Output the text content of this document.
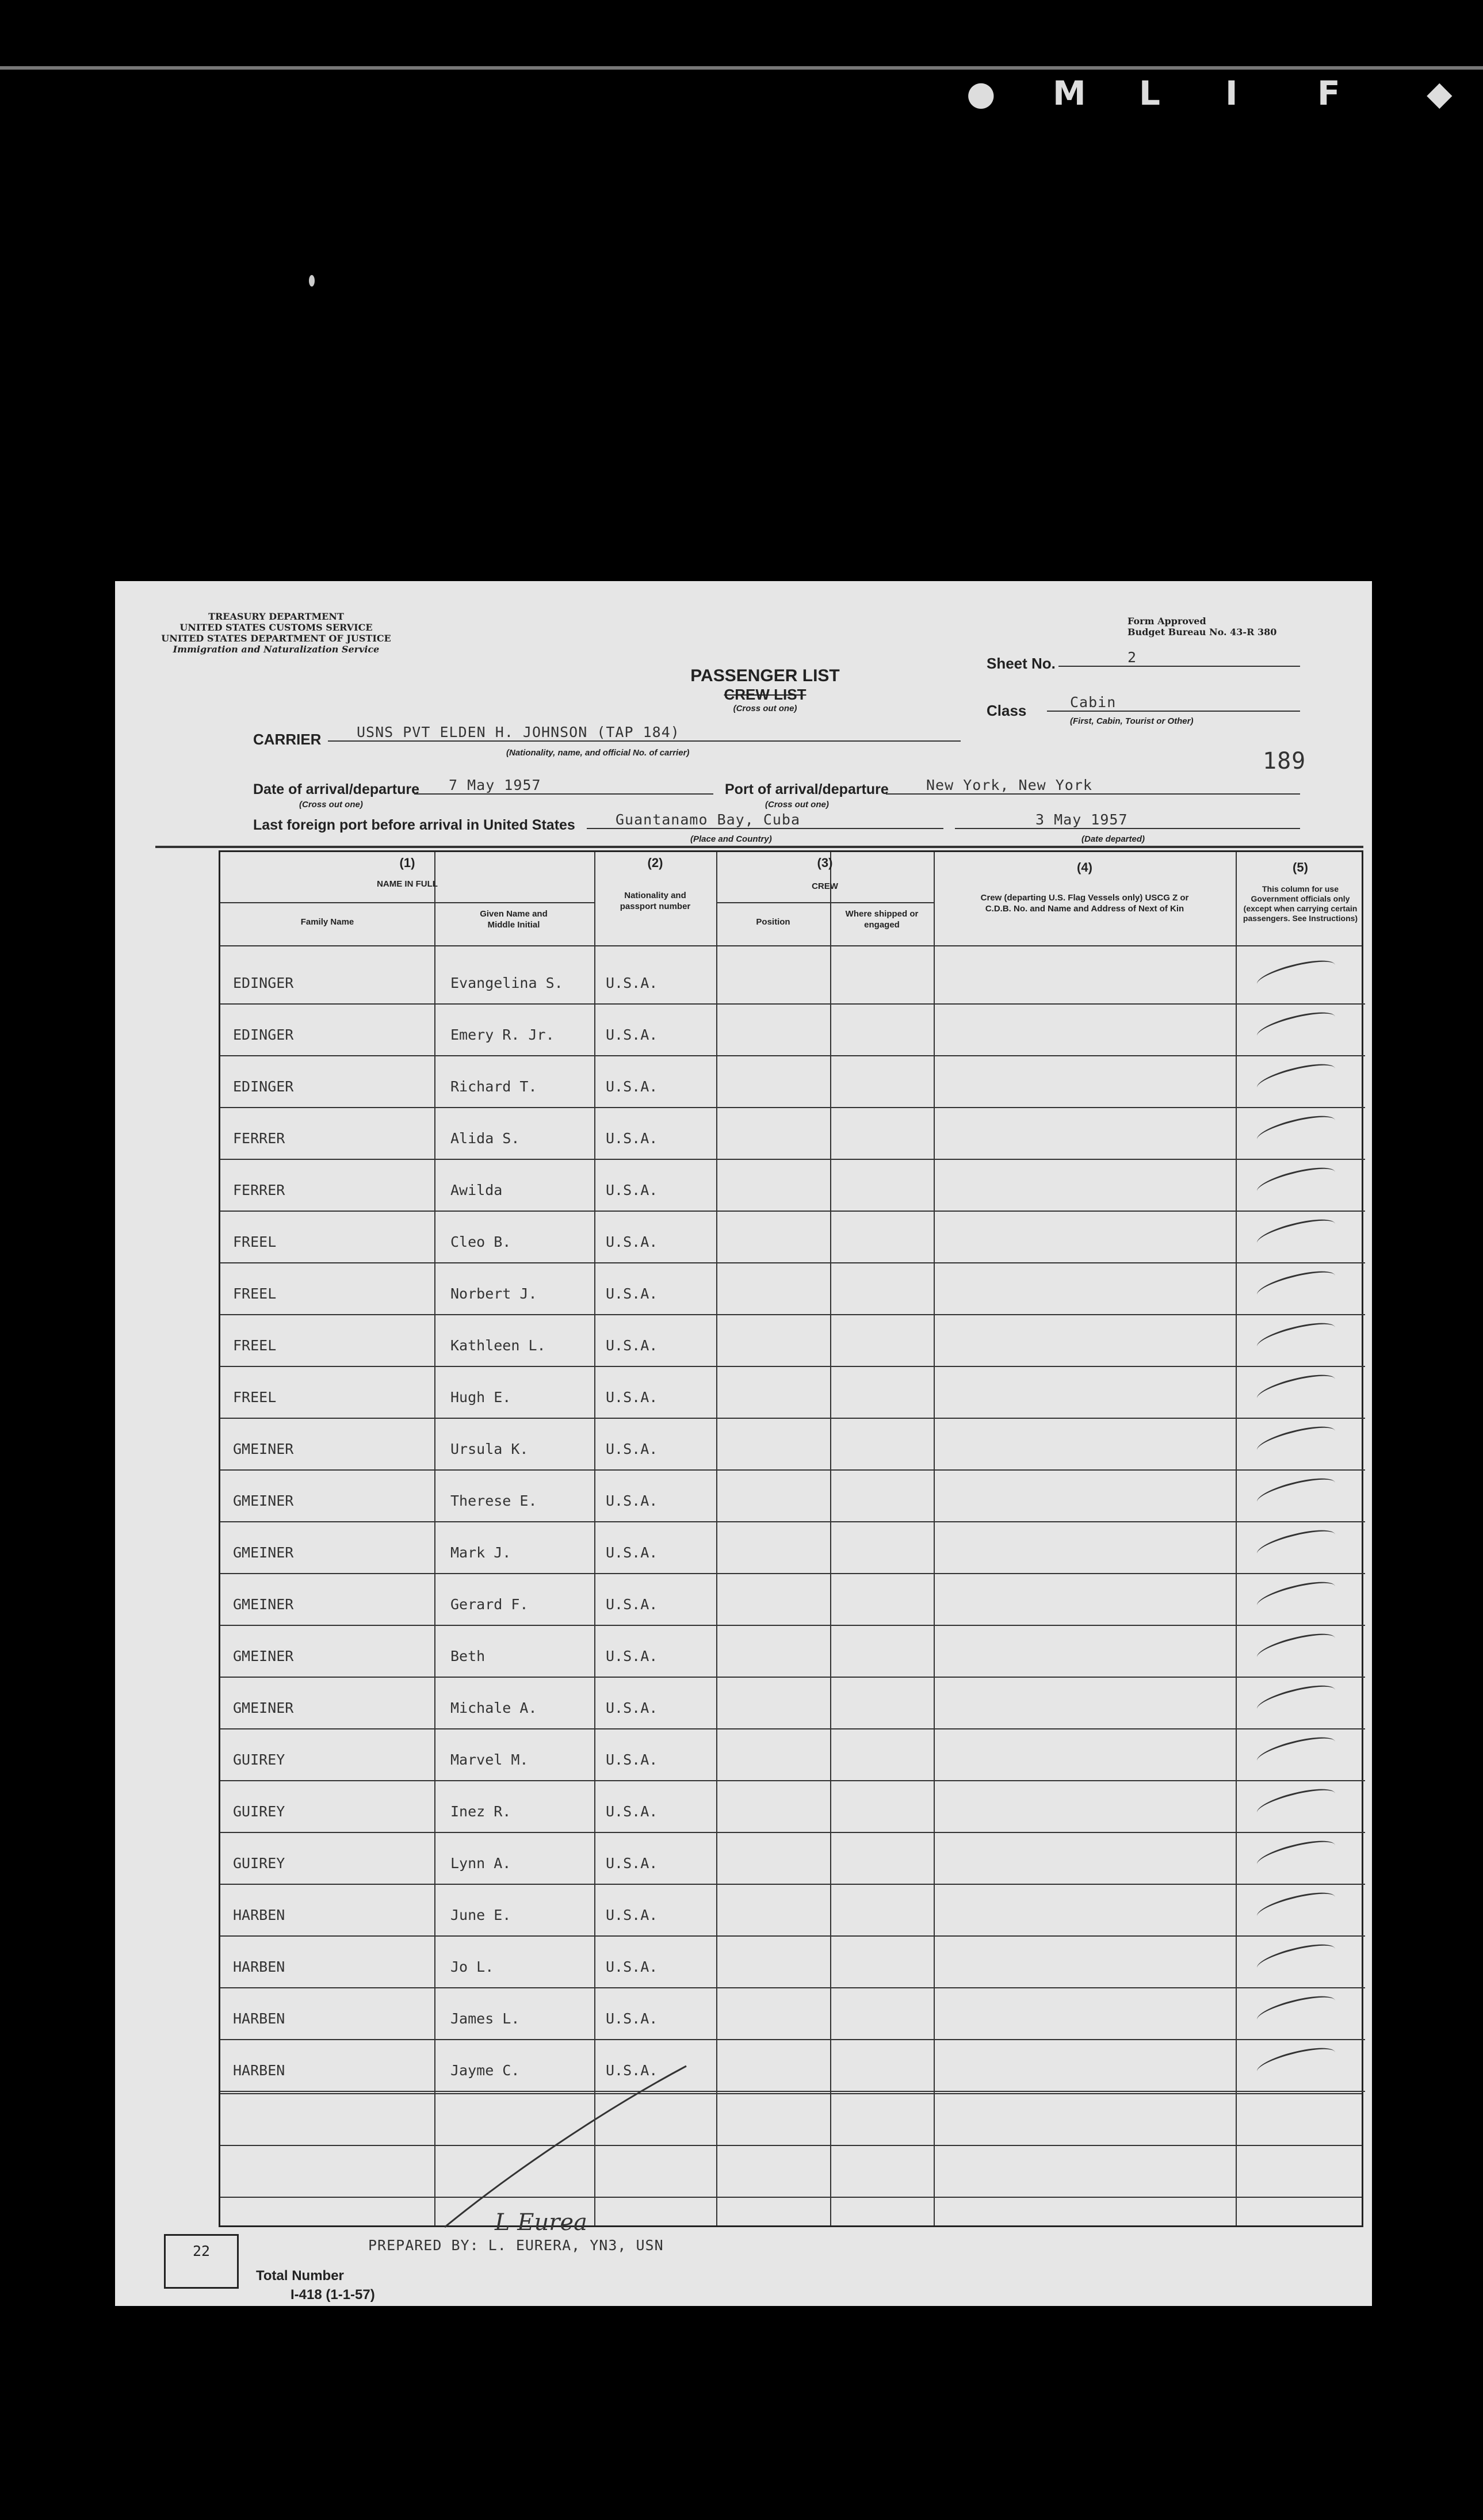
◆
F
I
L
M
●
TREASURY DEPARTMENT
UNITED STATES CUSTOMS SERVICE
UNITED STATES DEPARTMENT OF JUSTICE
Immigration and Naturalization Service
Form Approved
Budget Bureau No. 43-R 380
PASSENGER LIST
CREW LIST
(Cross out one)
Sheet No.	2
Class	Cabin
(First, Cabin, Tourist or Other)
189
CARRIER	USNS PVT ELDEN H. JOHNSON (TAP 184)
(Nationality, name, and official No. of carrier)
Date of arrival/departure	7 May 1957
(Cross out one)
Port of arrival/departure	New York, New York
(Cross out one)
Last foreign port before arrival in United States	Guantanamo Bay, Cuba
(Place and Country)
3 May 1957
(Date departed)
(1)
NAME IN FULL
Family Name
Given Name and Middle Initial
(2)
Nationality and passport number
(3)
CREW
Position
Where shipped or engaged
(4)
Crew (departing U.S. Flag Vessels only) USCG Z or C.D.B. No. and Name and Address of Next of Kin
(5)
This column for use Government officials only (except when carrying certain passengers. See Instructions)
EDINGER	Evangelina S.	U.S.A.
EDINGER	Emery R. Jr.	U.S.A.
EDINGER	Richard T.	U.S.A.
FERRER	Alida S.	U.S.A.
FERRER	Awilda	U.S.A.
FREEL	Cleo B.	U.S.A.
FREEL	Norbert J.	U.S.A.
FREEL	Kathleen L.	U.S.A.
FREEL	Hugh E.	U.S.A.
GMEINER	Ursula K.	U.S.A.
GMEINER	Therese E.	U.S.A.
GMEINER	Mark J.	U.S.A.
GMEINER	Gerard F.	U.S.A.
GMEINER	Beth	U.S.A.
GMEINER	Michale A.	U.S.A.
GUIREY	Marvel M.	U.S.A.
GUIREY	Inez R.	U.S.A.
GUIREY	Lynn A.	U.S.A.
HARBEN	June E.	U.S.A.
HARBEN	Jo L.	U.S.A.
HARBEN	James L.	U.S.A.
HARBEN	Jayme C.	U.S.A.
22
Total Number
PREPARED BY: L. EURERA, YN3, USN
L Eurea
I-418 (1-1-57)
